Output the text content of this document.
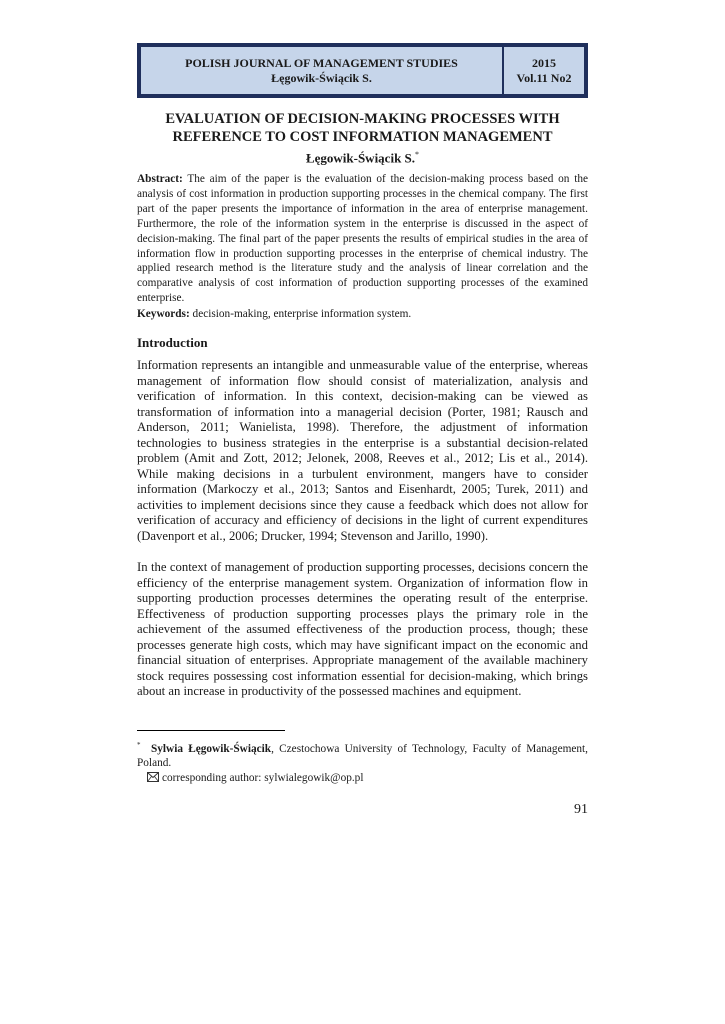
POLISH JOURNAL OF MANAGEMENT STUDIES
Łęgowik-Świącik S.
2015
Vol.11 No2
EVALUATION OF DECISION-MAKING PROCESSES WITH
REFERENCE TO COST INFORMATION MANAGEMENT
Łęgowik-Świącik S.*

Abstract: The aim of the paper is the evaluation of the decision-making process based on the analysis of cost information in production supporting processes in the chemical company. The first part of the paper presents the importance of information in the area of enterprise management. Furthermore, the role of the information system in the enterprise is discussed in the aspect of decision-making. The final part of the paper presents the results of empirical studies in the area of information flow in production supporting processes in the enterprise of chemical industry. The applied research method is the literature study and the analysis of linear correlation and the comparative analysis of cost information of production supporting processes of the examined enterprise.

Keywords: decision-making, enterprise information system.

Introduction

Information represents an intangible and unmeasurable value of the enterprise, whereas management of information flow should consist of materialization, analysis and verification of information. In this context, decision-making can be viewed as transformation of information into a managerial decision (Porter, 1981; Rausch and Anderson, 2011; Wanielista, 1998). Therefore, the adjustment of information technologies to business strategies in the enterprise is a substantial decision-related problem (Amit and Zott, 2012; Jelonek, 2008, Reeves et al., 2012; Lis et al., 2014). While making decisions in a turbulent environment, mangers have to consider information (Markoczy et al., 2013; Santos and Eisenhardt, 2005; Turek, 2011) and activities to implement decisions since they cause a feedback which does not allow for verification of accuracy and efficiency of decisions in the light of current expenditures (Davenport et al., 2006; Drucker, 1994; Stevenson and Jarillo, 1990).

In the context of management of production supporting processes, decisions concern the efficiency of the enterprise management system. Organization of information flow in supporting production processes determines the operating result of the enterprise. Effectiveness of production supporting processes plays the primary role in the achievement of the assumed effectiveness of the production process, though; these processes generate high costs, which may have significant impact on the economic and financial situation of enterprises. Appropriate management of the available machinery stock requires possessing cost information essential for decision-making, which brings about an increase in productivity of the possessed machines and equipment.

* Sylwia Łęgowik-Świącik, Czestochowa University of Technology, Faculty of Management, Poland.
corresponding author: sylwialegowik@op.pl
91
